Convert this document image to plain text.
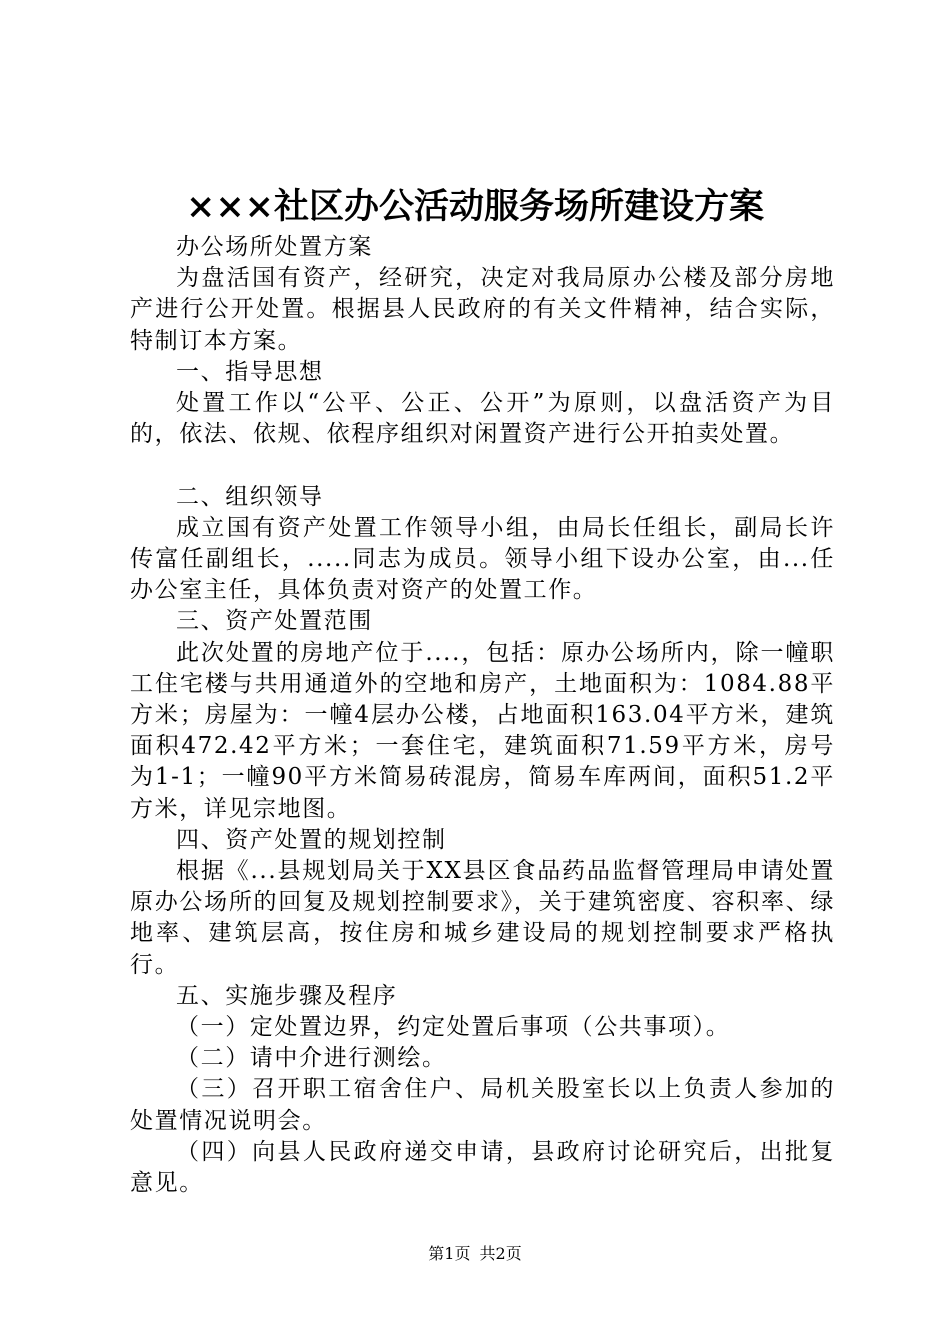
×××社区办公活动服务场所建设方案

办公场所处置方案

为盘活国有资产，经研究，决定对我局原办公楼及部分房地产进行公开处置。根据县人民政府的有关文件精神，结合实际，特制订本方案。

一、指导思想

处置工作以“公平、公正、公开”为原则，以盘活资产为目的，依法、依规、依程序组织对闲置资产进行公开拍卖处置。

二、组织领导

成立国有资产处置工作领导小组，由局长任组长，副局长许传富任副组长，.....同志为成员。领导小组下设办公室，由...任办公室主任，具体负责对资产的处置工作。

三、资产处置范围

此次处置的房地产位于....，包括：原办公场所内，除一幢职工住宅楼与共用通道外的空地和房产，土地面积为：1084.88平方米；房屋为：一幢4层办公楼，占地面积163.04平方米，建筑面积472.42平方米；一套住宅，建筑面积71.59平方米，房号为1-1；一幢90平方米简易砖混房，简易车库两间，面积51.2平方米，详见宗地图。

四、资产处置的规划控制

根据《...县规划局关于XX县区食品药品监督管理局申请处置原办公场所的回复及规划控制要求》，关于建筑密度、容积率、绿地率、建筑层高，按住房和城乡建设局的规划控制要求严格执行。

五、实施步骤及程序

（一）定处置边界，约定处置后事项（公共事项）。

（二）请中介进行测绘。

（三）召开职工宿舍住户、局机关股室长以上负责人参加的处置情况说明会。

（四）向县人民政府递交申请，县政府讨论研究后，出批复意见。

第1页 共2页
